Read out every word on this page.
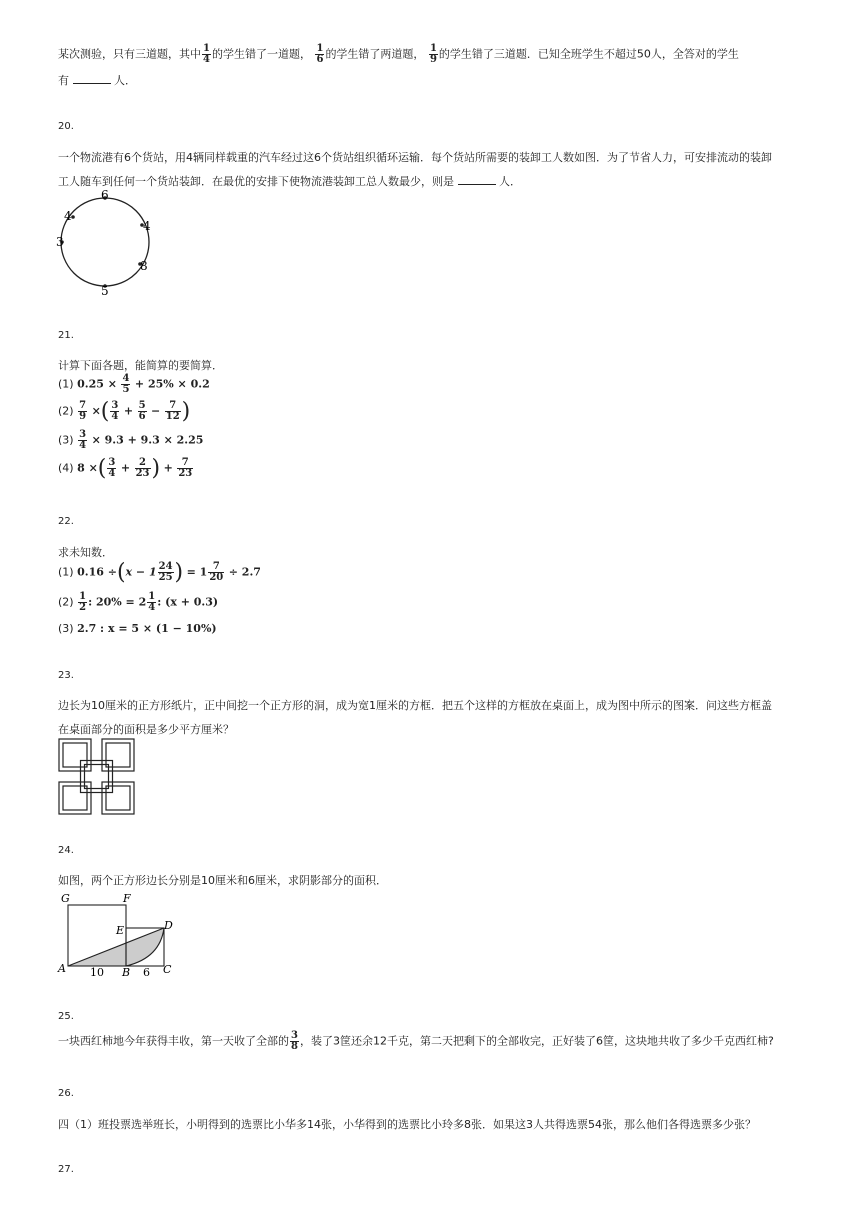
某次测验，只有三道题，其中 $\frac{1}{4}$ 的学生错了一道题， $\frac{1}{6}$ 的学生错了两道题， $\frac{1}{9}$ 的学生错了三道题．已知全班学生不超过50人，全答对的学生
有	人．
20.
一个物流港有6个货站，用4辆同样载重的汽车经过这6个货站组织循环运输．每个货站所需要的装卸工人数如图．为了节省人力，可安排流动的装卸
工人随车到任何一个货站装卸．在最优的安排下使物流港装卸工总人数最少，则是	人．
6
4
8
5
3
4
21.
计算下面各题，能简算的要简算．
(1) $0.25 \times \frac{4}{5} + 25\% \times 0.2$
$(2) \frac{7}{9}$ ×( $\frac{3}{4} + \frac{5}{6} - \frac{7}{12}$ )
$(3) \frac{3}{4} \times 9.3 + 9.3 \times 2.25$
(4) 8 ×( $\frac{3}{4} + \frac{2}{23}$ ) + $\frac{7}{23}$
22.
求未知数．
(1) $0.16 \div(x - 1 \frac{24}{25}$ ) = $1 \frac{7}{20} \div 2.7$
$(2) \frac{1}{2}$ : $20\% = 2 \frac{1}{4}$ : (x + 0.3)
(3) 2.7 : x = 5 × (1 − 10%)
23.
边长为10厘米的正方形纸片，正中间挖一个正方形的洞，成为宽1厘米的方框．把五个这样的方框放在桌面上，成为图中所示的图案．问这些方框盖
在桌面部分的面积是多少平方厘米？
24.
如图，两个正方形边长分别是10厘米和6厘米，求阴影部分的面积．
G	F
E	D
A	B	C
10	6
25.
一块西红柿地今年获得丰收，第一天收了全部的 $\frac{3}{8}$ ，装了3筐还余12千克，第二天把剩下的全部收完，正好装了6筐，这块地共收了多少千克西红柿?
26.
四（1）班投票选举班长，小明得到的选票比小华多14张，小华得到的选票比小玲多8张．如果这3人共得选票54张，那么他们各得选票多少张？
27.
